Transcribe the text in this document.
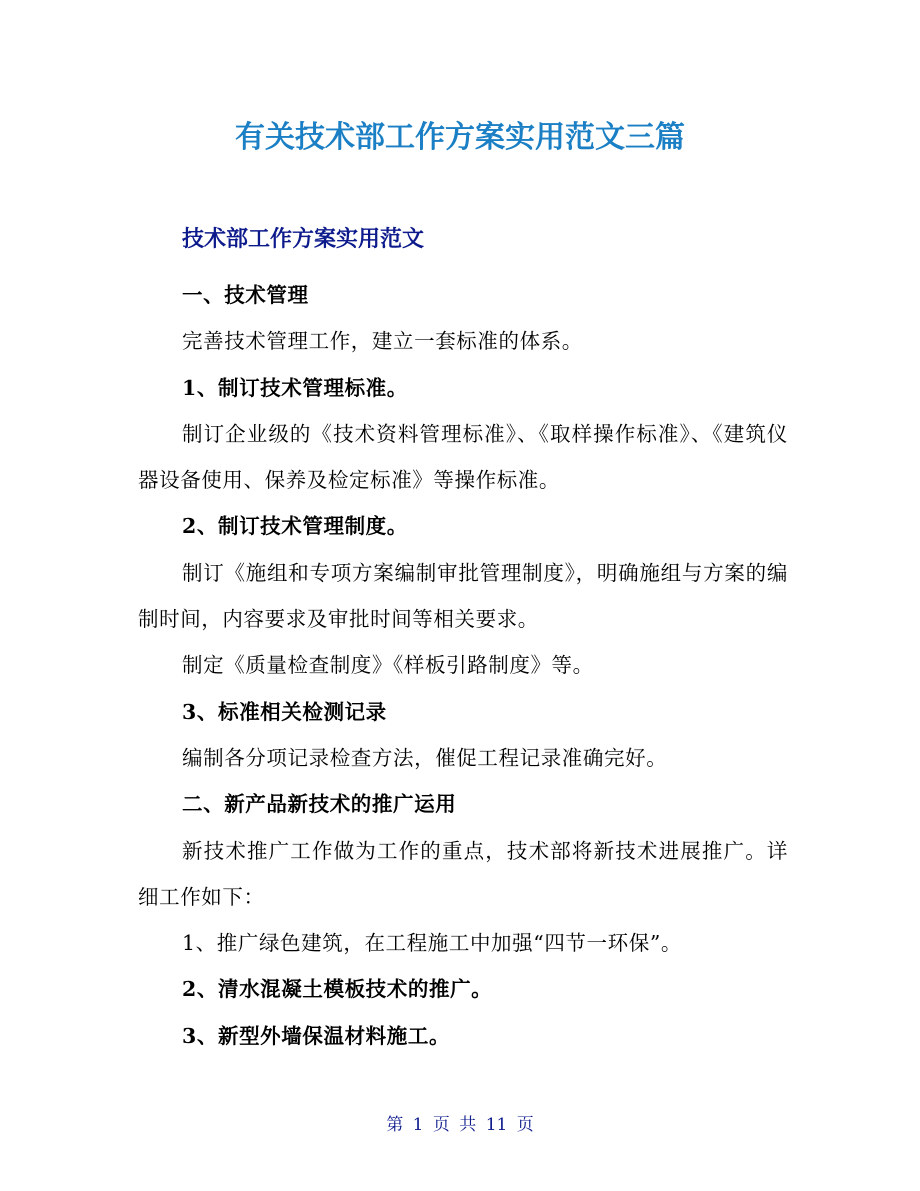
有关技术部工作方案实用范文三篇
技术部工作方案实用范文

一、技术管理

完善技术管理工作，建立一套标准的体系。

1、制订技术管理标准。

制订企业级的《技术资料管理标准》、《取样操作标准》、《建筑仪器设备使用、保养及检定标准》等操作标准。

2、制订技术管理制度。

制订《施组和专项方案编制审批管理制度》，明确施组与方案的编制时间，内容要求及审批时间等相关要求。

制定《质量检查制度》《样板引路制度》等。

3、标准相关检测记录

编制各分项记录检查方法，催促工程记录准确完好。

二、新产品新技术的推广运用

新技术推广工作做为工作的重点，技术部将新技术进展推广。详细工作如下：

1、推广绿色建筑，在工程施工中加强“四节一环保”。

2、清水混凝土模板技术的推广。

3、新型外墙保温材料施工。

第 1 页 共 11 页
